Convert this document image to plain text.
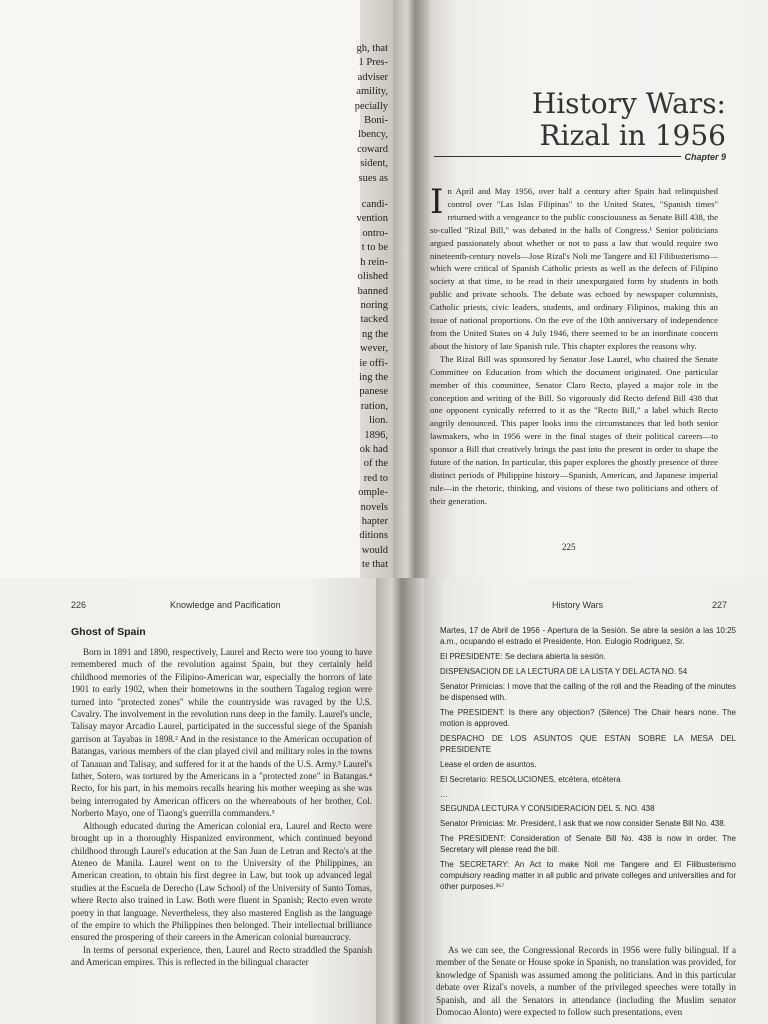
gh, that
1 Pres-
adviser
amility,
pecially
Boni-
lbency,
coward
sident,
sues as
candi-
vention
ontro-
t to be
h rein-
olished
banned
noring
tacked
ng the
wever,
ie offi-
ing the
panese
ration,
lion.
1896,
ok had
of the
red to
omple-
novels
hapter
ditions
would
te that
History Wars:
Rizal in 1956
Chapter 9

In April and May 1956, over half a century after Spain had relinquished control over "Las Islas Filipinas" to the United States, "Spanish times" returned with a vengeance to the public consciousness as Senate Bill 438, the so-called "Rizal Bill," was debated in the halls of Congress.¹ Senior politicians argued passionately about whether or not to pass a law that would require two nineteenth-century novels—Jose Rizal's Noli me Tangere and El Filibusterismo—which were critical of Spanish Catholic priests as well as the defects of Filipino society at that time, to be read in their unexpurgated form by students in both public and private schools. The debate was echoed by newspaper columnists, Catholic priests, civic leaders, students, and ordinary Filipinos, making this an issue of national proportions. On the eve of the 10th anniversary of independence from the United States on 4 July 1946, there seemed to be an inordinate concern about the history of late Spanish rule. This chapter explores the reasons why.

The Rizal Bill was sponsored by Senator Jose Laurel, who chaired the Senate Committee on Education from which the document originated. One particular member of this committee, Senator Claro Recto, played a major role in the conception and writing of the Bill. So vigorously did Recto defend Bill 438 that one opponent cynically referred to it as the "Recto Bill," a label which Recto angrily denounced. This paper looks into the circumstances that led both senior lawmakers, who in 1956 were in the final stages of their political careers—to sponsor a Bill that creatively brings the past into the present in order to shape the future of the nation. In particular, this paper explores the ghostly presence of three distinct periods of Philippine history—Spanish, American, and Japanese imperial rule—in the rhetoric, thinking, and visions of these two politicians and others of their generation.

225
226	Knowledge and Pacification
Ghost of Spain

Born in 1891 and 1890, respectively, Laurel and Recto were too young to have remembered much of the revolution against Spain, but they certainly held childhood memories of the Filipino-American war, especially the horrors of late 1901 to early 1902, when their hometowns in the southern Tagalog region were turned into "protected zones" while the countryside was ravaged by the U.S. Cavalry. The involvement in the revolution runs deep in the family. Laurel's uncle, Talisay mayor Arcadio Laurel, participated in the successful siege of the Spanish garrison at Tayabas in 1898.² And in the resistance to the American occupation of Batangas, various members of the clan played civil and military roles in the towns of Tanauan and Talisay, and suffered for it at the hands of the U.S. Army.³ Laurel's father, Sotero, was tortured by the Americans in a "protected zone" in Batangas.⁴ Recto, for his part, in his memoirs recalls hearing his mother weeping as she was being interrogated by American officers on the whereabouts of her brother, Col. Norberto Mayo, one of Tiaong's guerrilla commanders.⁵

Although educated during the American colonial era, Laurel and Recto were brought up in a thoroughly Hispanized environment, which continued beyond childhood through Laurel's education at the San Juan de Letran and Recto's at the Ateneo de Manila. Laurel went on to the University of the Philippines, an American creation, to obtain his first degree in Law, but took up advanced legal studies at the Escuela de Derecho (Law School) of the University of Santo Tomas, where Recto also trained in Law. Both were fluent in Spanish; Recto even wrote poetry in that language. Nevertheless, they also mastered English as the language of the empire to which the Philippines then belonged. Their intellectual brilliance ensured the prospering of their careers in the American colonial bureaucracy.

In terms of personal experience, then, Laurel and Recto straddled the Spanish and American empires. This is reflected in the bilingual character

History Wars	227

Martes, 17 de Abril de 1956 - Apertura de la Sesión. Se abre la sesión a las 10:25 a.m., ocupando el estrado el Presidente, Hon. Eulogio Rodriguez, Sr.

El PRESIDENTE: Se declara abierta la sesión.

DISPENSACION DE LA LECTURA DE LA LISTA Y DEL ACTA NO. 54

Senator Primicias: I move that the calling of the roll and the Reading of the minutes be dispensed with.

The PRESIDENT: Is there any objection? (Silence) The Chair hears none. The motion is approved.

DESPACHO DE LOS ASUNTOS QUE ESTAN SOBRE LA MESA DEL PRESIDENTE

Lease el orden de asuntos.

El Secretario: RESOLUCIONES, etcétera, etcétera

…

SEGUNDA LECTURA Y CONSIDERACION DEL S. NO. 438

Senator Primicias: Mr. President, I ask that we now consider Senate Bill No. 438.

The PRESIDENT: Consideration of Senate Bill No. 438 is now in order. The Secretary will please read the bill.

The SECRETARY: An Act to make Noli me Tangere and El Filibusterismo compulsory reading matter in all public and private colleges and universities and for other purposes.³⁶⁷

As we can see, the Congressional Records in 1956 were fully bilingual. If a member of the Senate or House spoke in Spanish, no translation was provided, for knowledge of Spanish was assumed among the politicians. And in this particular debate over Rizal's novels, a number of the privileged speeches were totally in Spanish, and all the Senators in attendance (including the Muslim senator Domocao Alonto) were expected to follow such presentations, even
